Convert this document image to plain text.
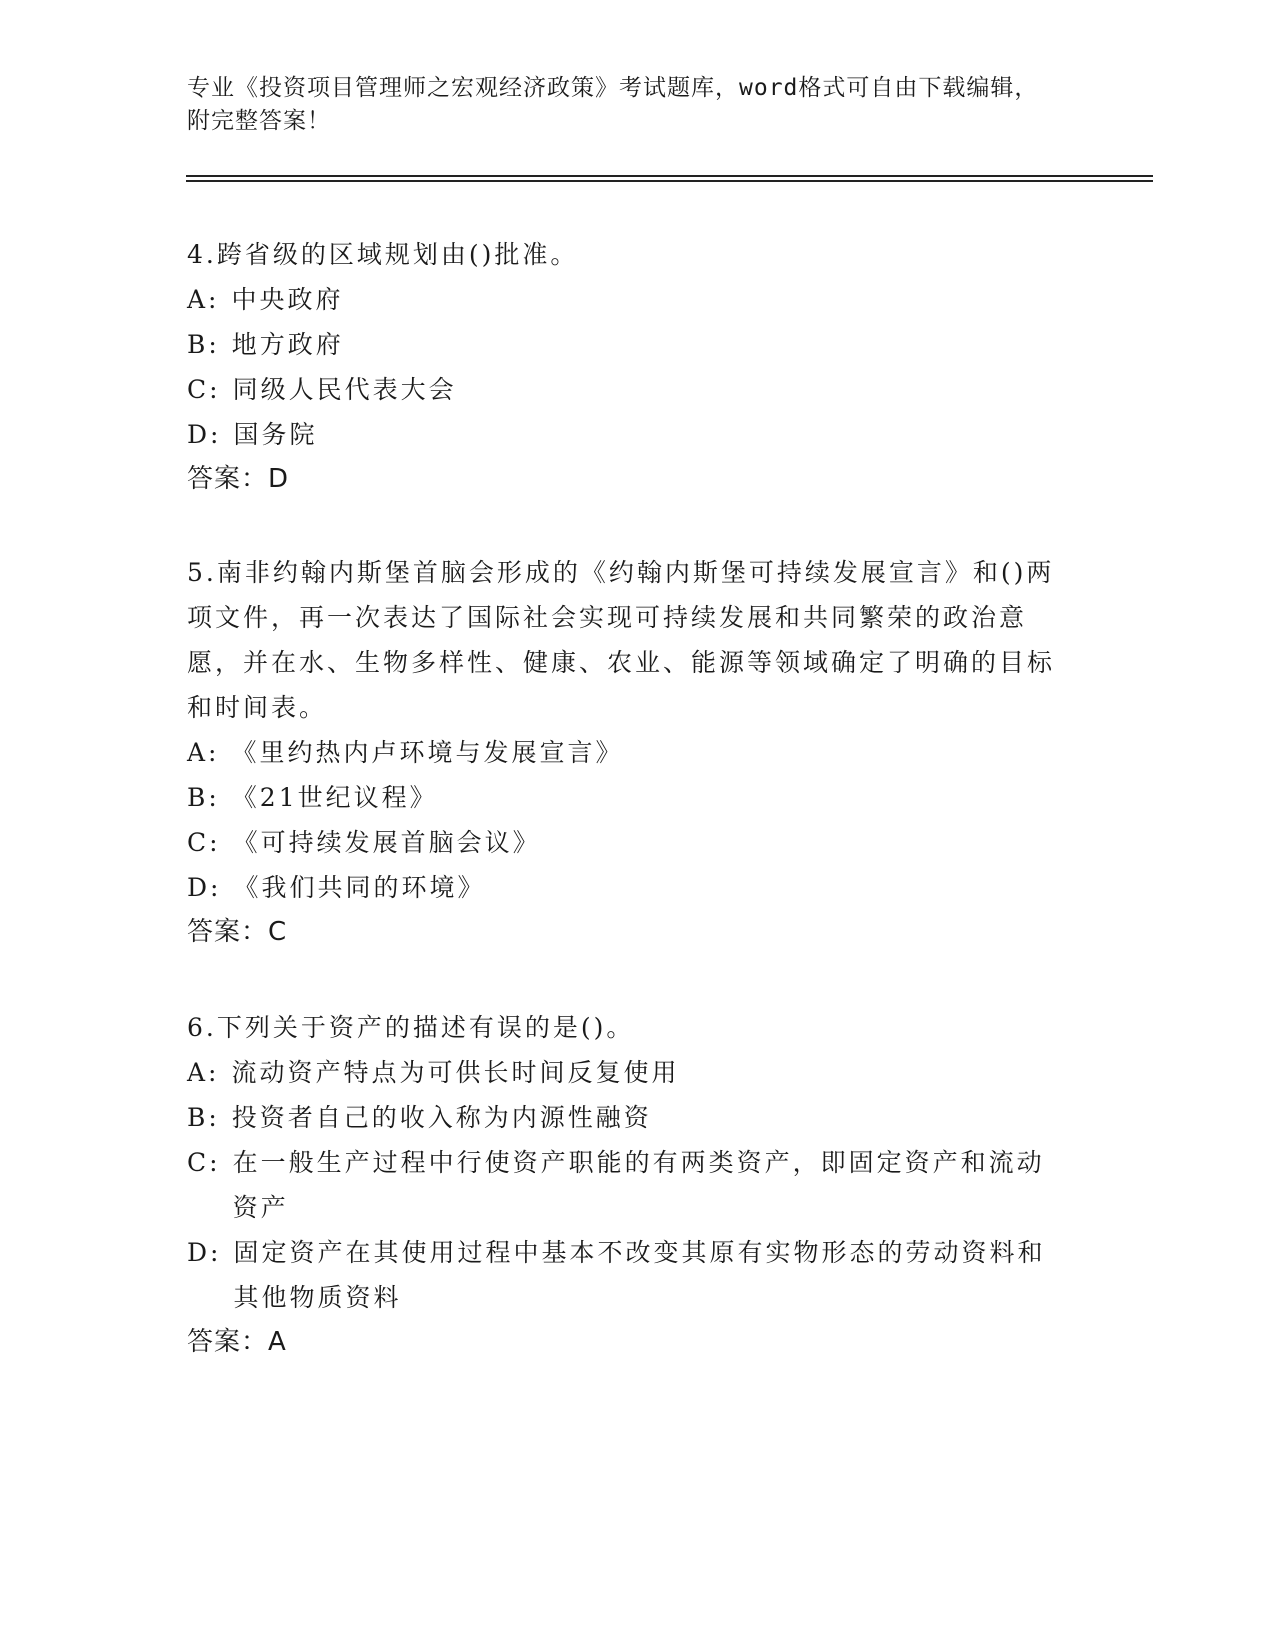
专业《投资项目管理师之宏观经济政策》考试题库，word格式可自由下载编辑，
附完整答案！

4.跨省级的区域规划由()批准。

A: 中央政府

B: 地方政府

C: 同级人民代表大会

D: 国务院

答案：D

5.南非约翰内斯堡首脑会形成的《约翰内斯堡可持续发展宣言》和()两项文件，再一次表达了国际社会实现可持续发展和共同繁荣的政治意愿，并在水、生物多样性、健康、农业、能源等领域确定了明确的目标和时间表。

A: 《里约热内卢环境与发展宣言》

B: 《21世纪议程》

C: 《可持续发展首脑会议》

D: 《我们共同的环境》

答案：C

6.下列关于资产的描述有误的是()。

A: 流动资产特点为可供长时间反复使用

B: 投资者自己的收入称为内源性融资

C: 在一般生产过程中行使资产职能的有两类资产，即固定资产和流动资产

D: 固定资产在其使用过程中基本不改变其原有实物形态的劳动资料和其他物质资料

答案：A
